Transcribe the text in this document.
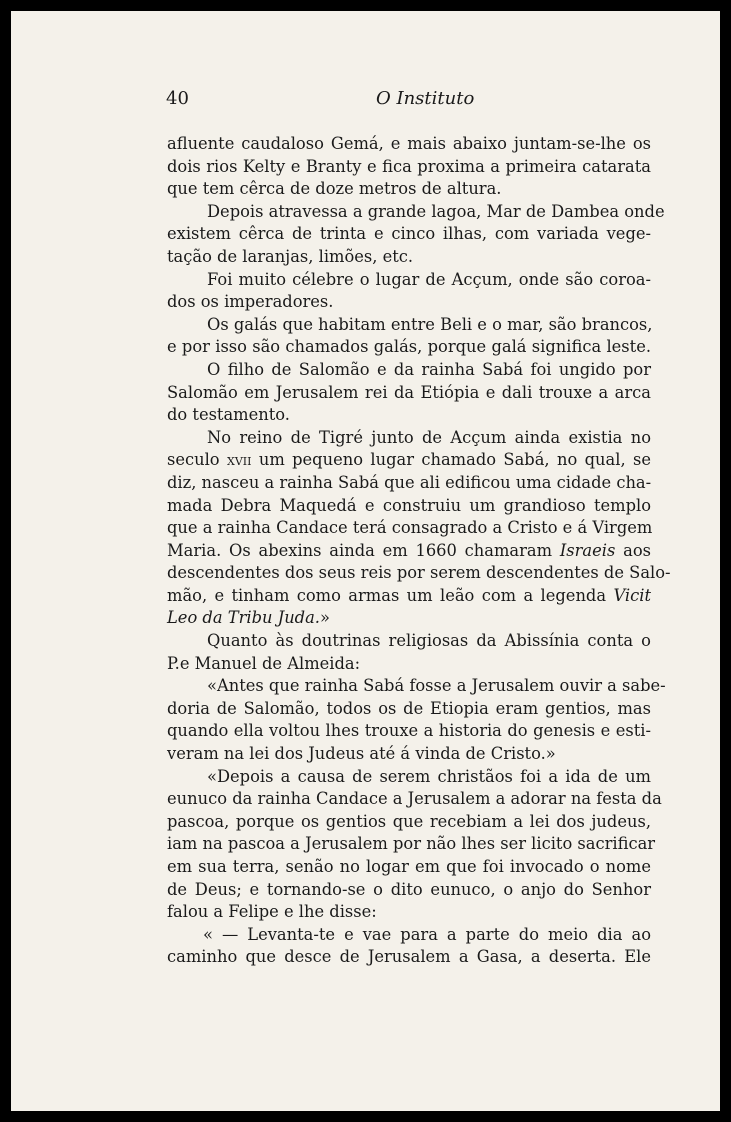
40	O Instituto
afluente caudaloso Gemá, e mais abaixo juntam-se-lhe os
dois rios Kelty e Branty e fica proxima a primeira catarata
que tem cêrca de doze metros de altura.
Depois atravessa a grande lagoa, Mar de Dambea onde
existem cêrca de trinta e cinco ilhas, com variada vege-
tação de laranjas, limões, etc.
Foi muito célebre o lugar de Acçum, onde são coroa-
dos os imperadores.
Os galás que habitam entre Beli e o mar, são brancos,
e por isso são chamados galás, porque galá significa leste.
O filho de Salomão e da rainha Sabá foi ungido por
Salomão em Jerusalem rei da Etiópia e dali trouxe a arca
do testamento.
No reino de Tigré junto de Acçum ainda existia no
seculo xvii um pequeno lugar chamado Sabá, no qual, se
diz, nasceu a rainha Sabá que ali edificou uma cidade cha-
mada Debra Maquedá e construiu um grandioso templo
que a rainha Candace terá consagrado a Cristo e á Virgem
Maria. Os abexins ainda em 1660 chamaram Israeis aos
descendentes dos seus reis por serem descendentes de Salo-
mão, e tinham como armas um leão com a legenda Vicit
Leo da Tribu Juda.»
Quanto às doutrinas religiosas da Abissínia conta o
P.e Manuel de Almeida:
«Antes que rainha Sabá fosse a Jerusalem ouvir a sabe-
doria de Salomão, todos os de Etiopia eram gentios, mas
quando ella voltou lhes trouxe a historia do genesis e esti-
veram na lei dos Judeus até á vinda de Cristo.»
«Depois a causa de serem christãos foi a ida de um
eunuco da rainha Candace a Jerusalem a adorar na festa da
pascoa, porque os gentios que recebiam a lei dos judeus,
iam na pascoa a Jerusalem por não lhes ser licito sacrificar
em sua terra, senão no logar em que foi invocado o nome
de Deus; e tornando-se o dito eunuco, o anjo do Senhor
falou a Felipe e lhe disse:
« — Levanta-te e vae para a parte do meio dia ao
caminho que desce de Jerusalem a Gasa, a deserta. Ele
